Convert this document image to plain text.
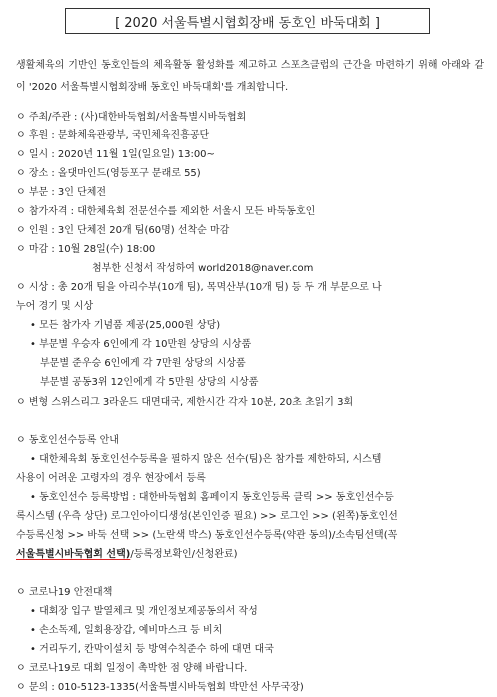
[ 2020 서울특별시협회장배 동호인 바둑대회 ]
생활체육의 기반인 동호인들의 체육활동 활성화를 제고하고 스포츠클럽의 근간을 마련하기 위해 아래와 같이 '2020 서울특별시협회장배 동호인 바둑대회'를 개최합니다.
ㅇ 주최/주관 : (사)대한바둑협회/서울특별시바둑협회
ㅇ 후원 : 문화체육관광부, 국민체육진흥공단
ㅇ 일시 : 2020년 11월 1일(일요일) 13:00~
ㅇ 장소 : 올댓마인드(영등포구 문래로 55)
ㅇ 부문 : 3인 단체전
ㅇ 참가자격 : 대한체육회 전문선수를 제외한 서울시 모든 바둑동호인
ㅇ 인원 : 3인 단체전 20개 팀(60명) 선착순 마감
ㅇ 마감 : 10월 28일(수) 18:00
첨부한 신청서 작성하여 world2018@naver.com
ㅇ 시상 : 총 20개 팀을 아리수부(10개 팀), 목멱산부(10개 팀) 등 두 개 부문으로 나
누어 경기 및 시상
• 모든 참가자 기념품 제공(25,000원 상당)
• 부문별 우승자 6인에게 각 10만원 상당의 시상품
부문별 준우승 6인에게 각 7만원 상당의 시상품
부문별 공동3위 12인에게 각 5만원 상당의 시상품
ㅇ 변형 스위스리그 3라운드 대면대국, 제한시간 각자 10분, 20초 초읽기 3회
ㅇ 동호인선수등록 안내
• 대한체육회 동호인선수등록을 필하지 않은 선수(팀)은 참가를 제한하되, 시스템
사용이 어려운 고령자의 경우 현장에서 등록
• 동호인선수 등록방법 : 대한바둑협회 홈페이지 동호인등록 클릭 >> 동호인선수등
록시스템 (우측 상단) 로그인아이디생성(본인인증 필요) >> 로그인 >> (왼쪽)동호인선
수등록신청 >> 바둑 선택 >> (노란색 박스) 동호인선수등록(약관 동의)/소속팀선택(꼭
서울특별시바둑협회 선택)/등록정보확인/신청완료)
ㅇ 코로나19 안전대책
• 대회장 입구 발열체크 및 개인정보제공동의서 작성
• 손소독제, 일회용장갑, 예비마스크 등 비치
• 거리두기, 칸막이설치 등 방역수칙준수 하에 대면 대국
ㅇ 코로나19로 대회 일정이 촉박한 점 양해 바랍니다.
ㅇ 문의 : 010-5123-1335(서울특별시바둑협회 박만선 사무국장)
